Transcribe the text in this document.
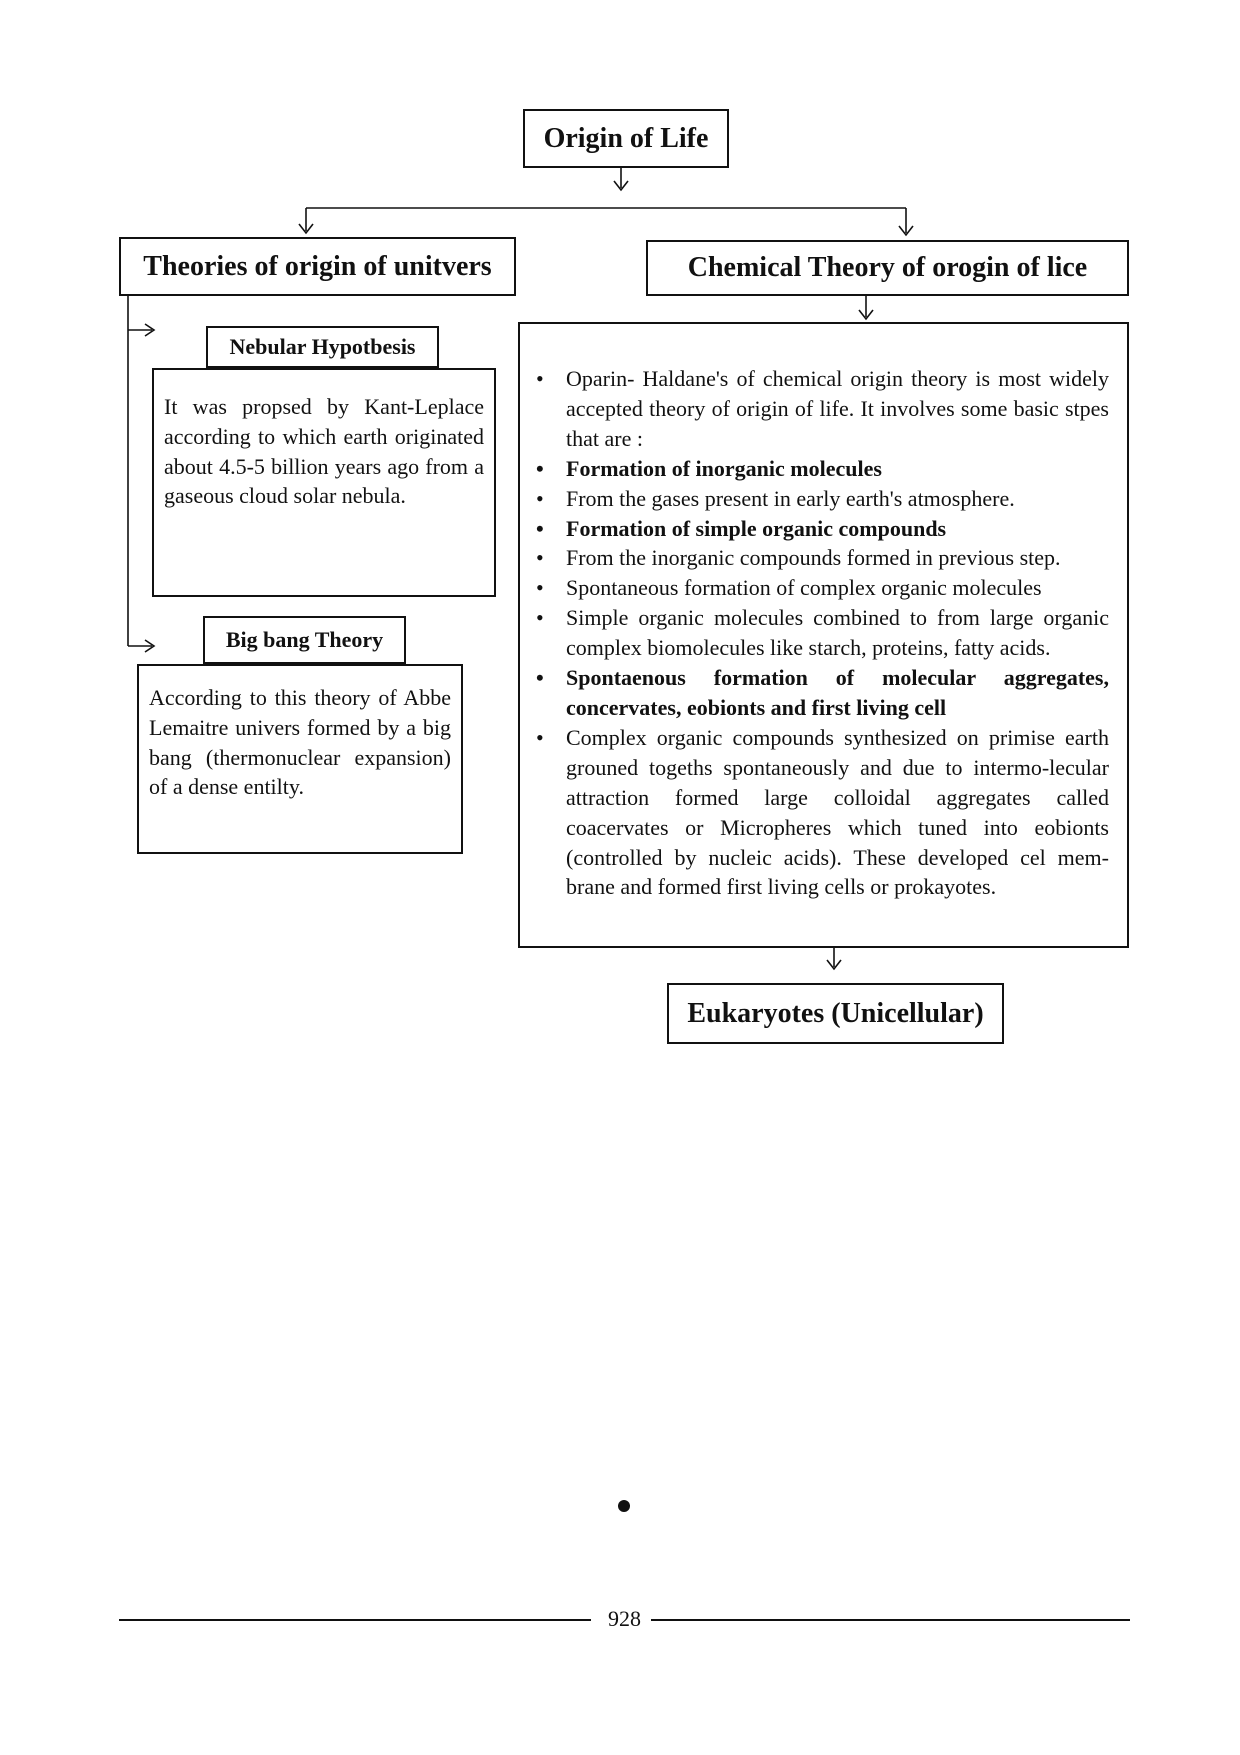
Origin of Life
Theories of origin of unitvers	Chemical Theory of orogin of lice
Nebular Hypotbesis
It was propsed by Kant-Leplace according to which earth originated about 4.5-5 billion years ago from a gaseous cloud solar nebula.
Big bang Theory
According to this theory of Abbe Lemaitre univers formed by a big bang (thermonuclear expansion) of a dense entilty.
• Oparin- Haldane's of chemical origin theory is most widely accepted theory of origin of life. It involves some basic stpes that are :
• Formation of inorganic molecules
• From the gases present in early earth's atmosphere.
• Formation of simple organic compounds
• From the inorganic compounds formed in previous step.
• Spontaneous formation of complex organic molecules
• Simple organic molecules combined to from large organic complex biomolecules like starch, proteins, fatty acids.
• Spontaenous formation of molecular aggregates, concervates, eobionts and first living cell
• Complex organic compounds synthesized on primise earth grouned togeths spontaneously and due to intermo-lecular attraction formed large colloidal aggregates called coacervates or Micropheres which tuned into eobionts (controlled by nucleic acids). These developed cel mem-brane and formed first living cells or prokayotes.
Eukaryotes (Unicellular)
928
